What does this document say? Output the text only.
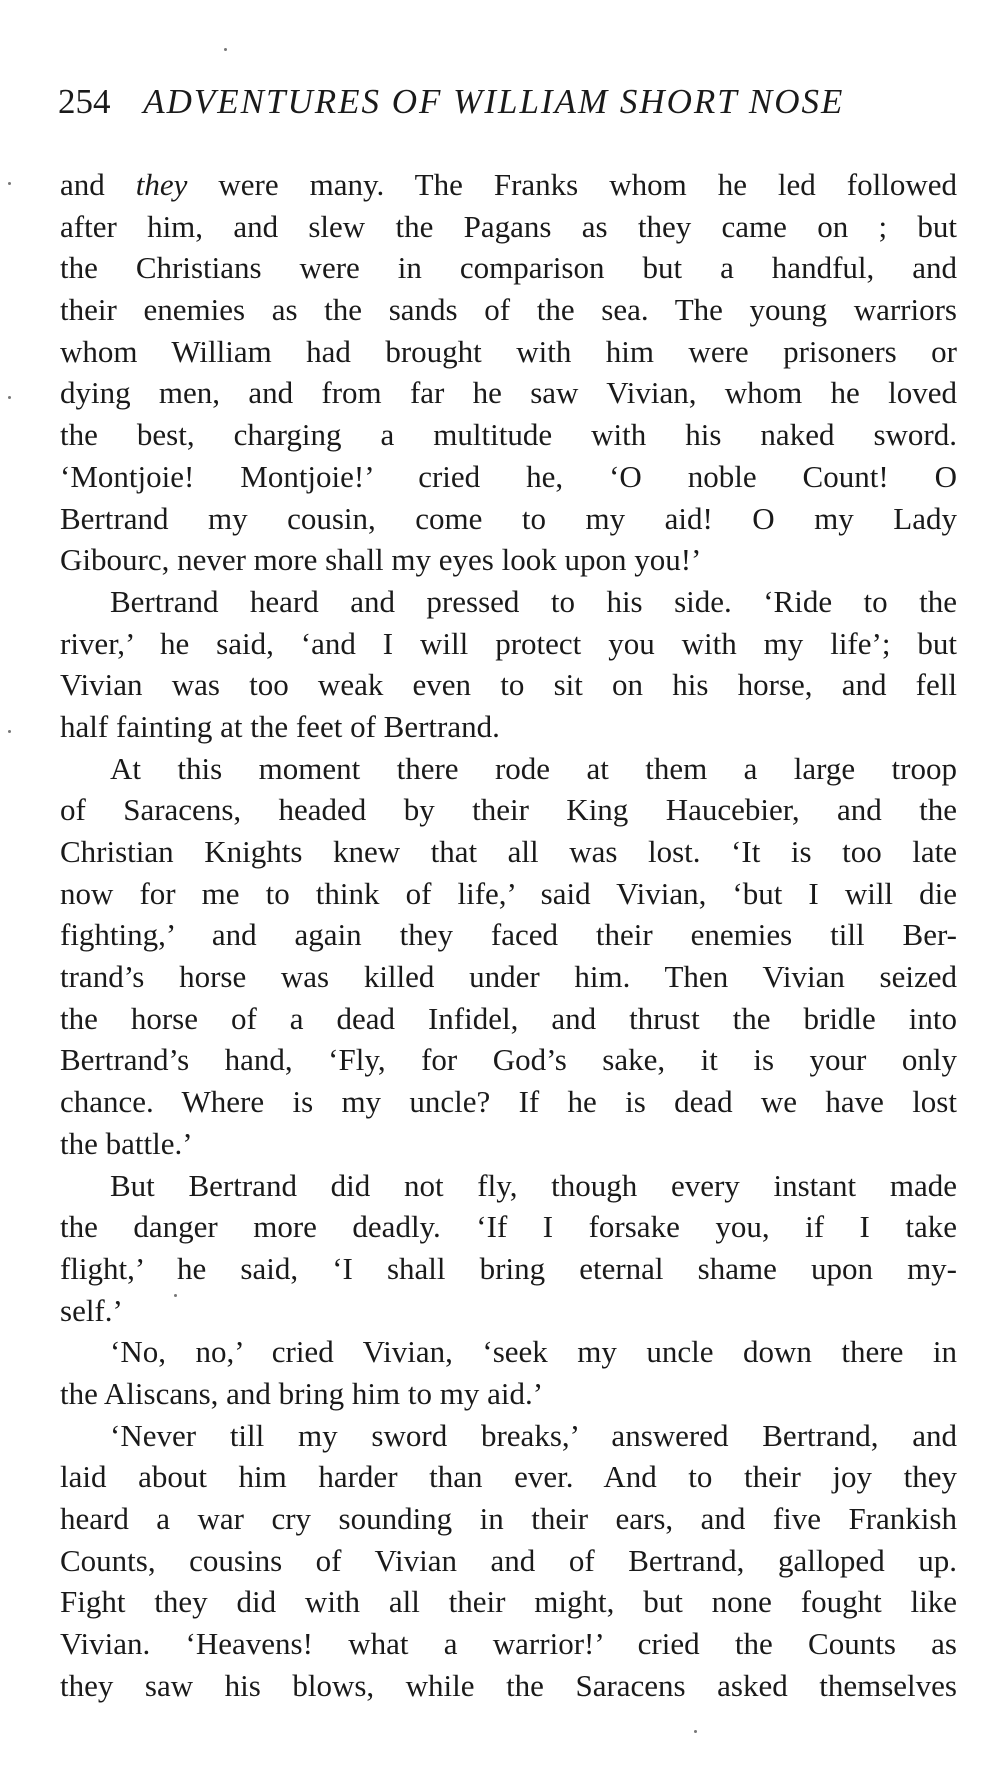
254 ADVENTURES OF WILLIAM SHORT NOSE
and they were many. The Franks whom he led followed
after him, and slew the Pagans as they came on ; but
the Christians were in comparison but a handful, and
their enemies as the sands of the sea. The young warriors
whom William had brought with him were prisoners or
dying men, and from far he saw Vivian, whom he loved
the best, charging a multitude with his naked sword.
‘Montjoie! Montjoie!’ cried he, ‘O noble Count! O
Bertrand my cousin, come to my aid! O my Lady
Gibourc, never more shall my eyes look upon you!’
Bertrand heard and pressed to his side. ‘Ride to the
river,’ he said, ‘and I will protect you with my life’; but
Vivian was too weak even to sit on his horse, and fell
half fainting at the feet of Bertrand.
At this moment there rode at them a large troop
of Saracens, headed by their King Haucebier, and the
Christian Knights knew that all was lost. ‘It is too late
now for me to think of life,’ said Vivian, ‘but I will die
fighting,’ and again they faced their enemies till Ber-
trand’s horse was killed under him. Then Vivian seized
the horse of a dead Infidel, and thrust the bridle into
Bertrand’s hand, ‘Fly, for God’s sake, it is your only
chance. Where is my uncle? If he is dead we have lost
the battle.’
But Bertrand did not fly, though every instant made
the danger more deadly. ‘If I forsake you, if I take
flight,’ he said, ‘I shall bring eternal shame upon my-
self.’
‘No, no,’ cried Vivian, ‘seek my uncle down there in
the Aliscans, and bring him to my aid.’
‘Never till my sword breaks,’ answered Bertrand, and
laid about him harder than ever. And to their joy they
heard a war cry sounding in their ears, and five Frankish
Counts, cousins of Vivian and of Bertrand, galloped up.
Fight they did with all their might, but none fought like
Vivian. ‘Heavens! what a warrior!’ cried the Counts as
they saw his blows, while the Saracens asked themselves
